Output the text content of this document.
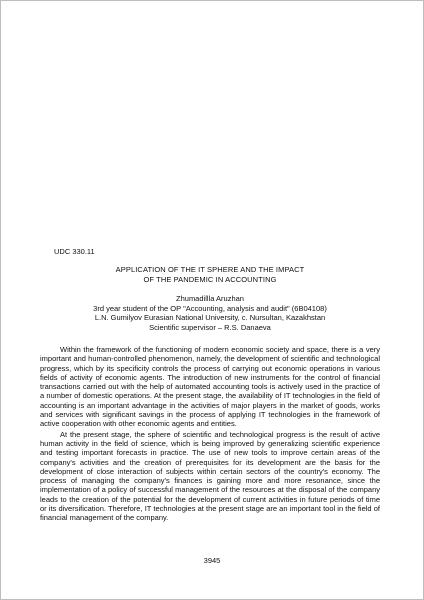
UDC 330.11
APPLICATION OF THE IT SPHERE AND THE IMPACT
OF THE PANDEMIC IN ACCOUNTING
Zhumadillla Aruzhan
3rd year student of the OP "Accounting, analysis and audit" (6B04108)
L.N. Gumilyov Eurasian National University, c. Nursultan, Kazakhstan
Scientific supervisor – R.S. Danaeva

Within the framework of the functioning of modern economic society and space, there is a very important and human-controlled phenomenon, namely, the development of scientific and technological progress, which by its specificity controls the process of carrying out economic operations in various fields of activity of economic agents. The introduction of new instruments for the control of financial transactions carried out with the help of automated accounting tools is actively used in the practice of a number of domestic operations. At the present stage, the availability of IT technologies in the field of accounting is an important advantage in the activities of major players in the market of goods, works and services with significant savings in the process of applying IT technologies in the framework of active cooperation with other economic agents and entities.

At the present stage, the sphere of scientific and technological progress is the result of active human activity in the field of science, which is being improved by generalizing scientific experience and testing important forecasts in practice. The use of new tools to improve certain areas of the company's activities and the creation of prerequisites for its development are the basis for the development of close interaction of subjects within certain sectors of the country's economy. The process of managing the company's finances is gaining more and more resonance, since the implementation of a policy of successful management of the resources at the disposal of the company leads to the creation of the potential for the development of current activities in future periods of time or its diversification. Therefore, IT technologies at the present stage are an important tool in the field of financial management of the company.

3945
